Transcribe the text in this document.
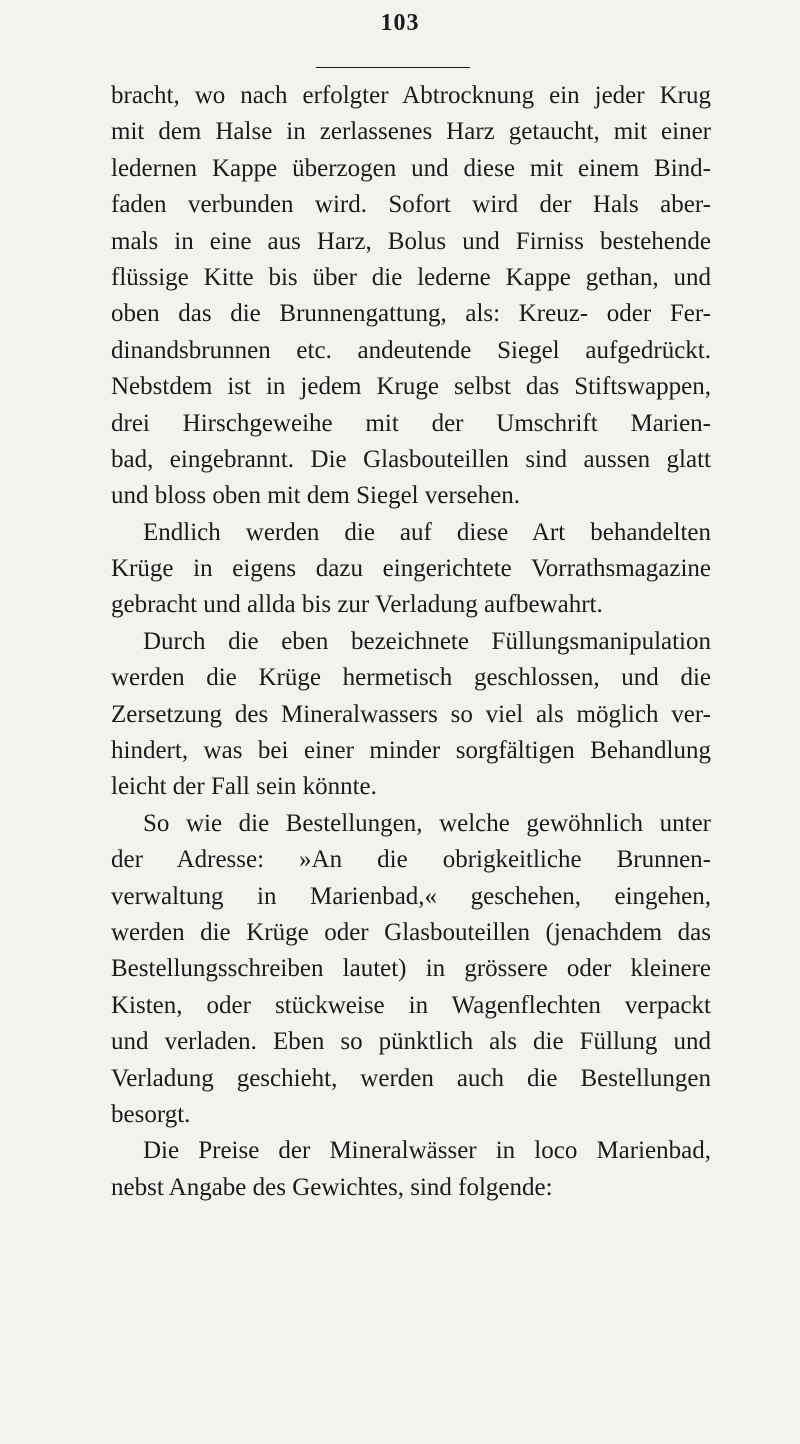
103
bracht, wo nach erfolgter Abtrocknung ein jeder Krug
mit dem Halse in zerlassenes Harz getaucht, mit einer
ledernen Kappe überzogen und diese mit einem Bind-
faden verbunden wird. Sofort wird der Hals aber-
mals in eine aus Harz, Bolus und Firniss bestehende
flüssige Kitte bis über die lederne Kappe gethan, und
oben das die Brunnengattung, als: Kreuz- oder Fer-
dinandsbrunnen etc. andeutende Siegel aufgedrückt.
Nebstdem ist in jedem Kruge selbst das Stiftswappen,
drei Hirschgeweihe mit der Umschrift Marien-
bad, eingebrannt. Die Glasbouteillen sind aussen glatt
und bloss oben mit dem Siegel versehen.
Endlich werden die auf diese Art behandelten
Krüge in eigens dazu eingerichtete Vorrathsmagazine
gebracht und allda bis zur Verladung aufbewahrt.
Durch die eben bezeichnete Füllungsmanipulation
werden die Krüge hermetisch geschlossen, und die
Zersetzung des Mineralwassers so viel als möglich ver-
hindert, was bei einer minder sorgfältigen Behandlung
leicht der Fall sein könnte.
So wie die Bestellungen, welche gewöhnlich unter
der Adresse: »An die obrigkeitliche Brunnen-
verwaltung in Marienbad,« geschehen, eingehen,
werden die Krüge oder Glasbouteillen (jenachdem das
Bestellungsschreiben lautet) in grössere oder kleinere
Kisten, oder stückweise in Wagenflechten verpackt
und verladen. Eben so pünktlich als die Füllung und
Verladung geschieht, werden auch die Bestellungen
besorgt.
Die Preise der Mineralwässer in loco Marienbad,
nebst Angabe des Gewichtes, sind folgende:
